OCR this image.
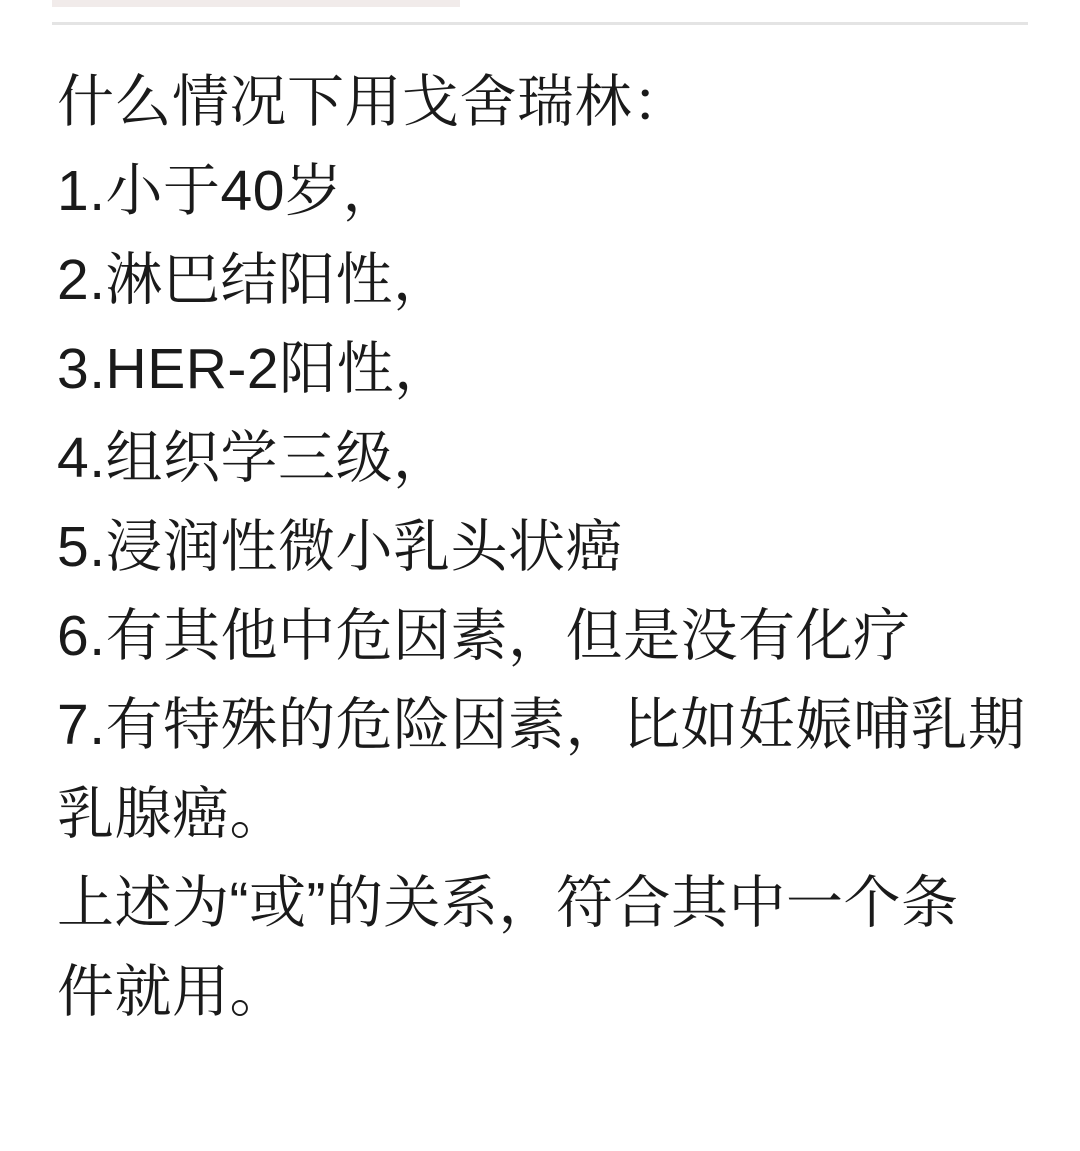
什么情况下用戈舍瑞林：
1.小于40岁，
2.淋巴结阳性，
3.HER-2阳性，
4.组织学三级，
5.浸润性微小乳头状癌
6.有其他中危因素，但是没有化疗
7.有特殊的危险因素，比如妊娠哺乳期
乳腺癌。
上述为“或”的关系，符合其中一个条
件就用。
